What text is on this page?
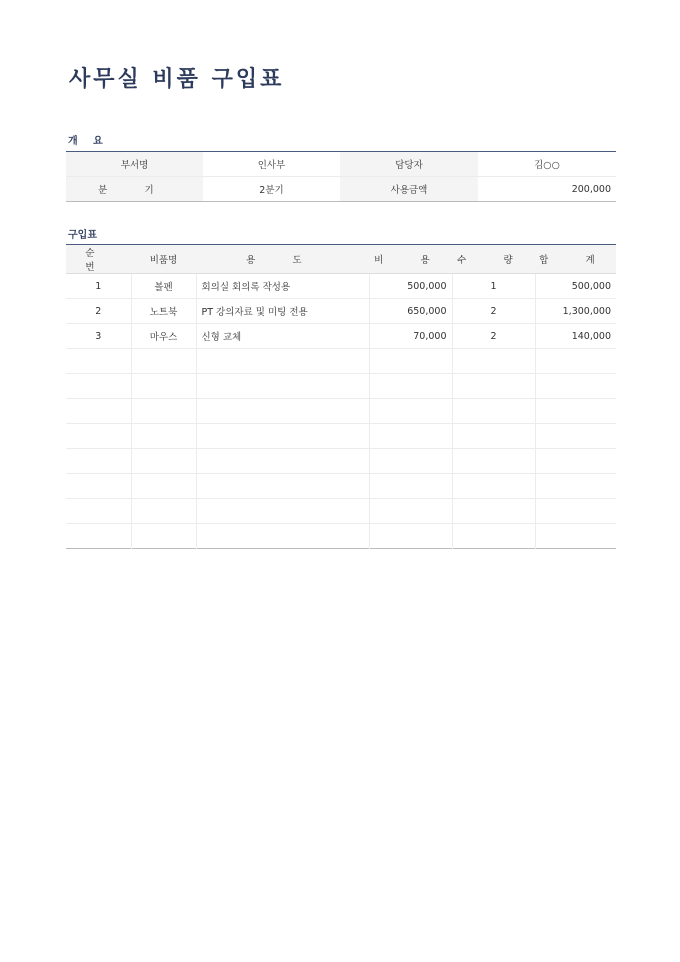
사무실 비품 구입표
개 요
부서명	인사부	담당자	김○○
분 기	2분기	사용금액	200,000
구입표
순 번	비품명	용 도	비 용	수 량	합 계
1	볼펜	회의실 회의록 작성용	500,000	1	500,000
2	노트북	PT 강의자료 및 미팅 전용	650,000	2	1,300,000
3	마우스	신형 교체	70,000	2	140,000
